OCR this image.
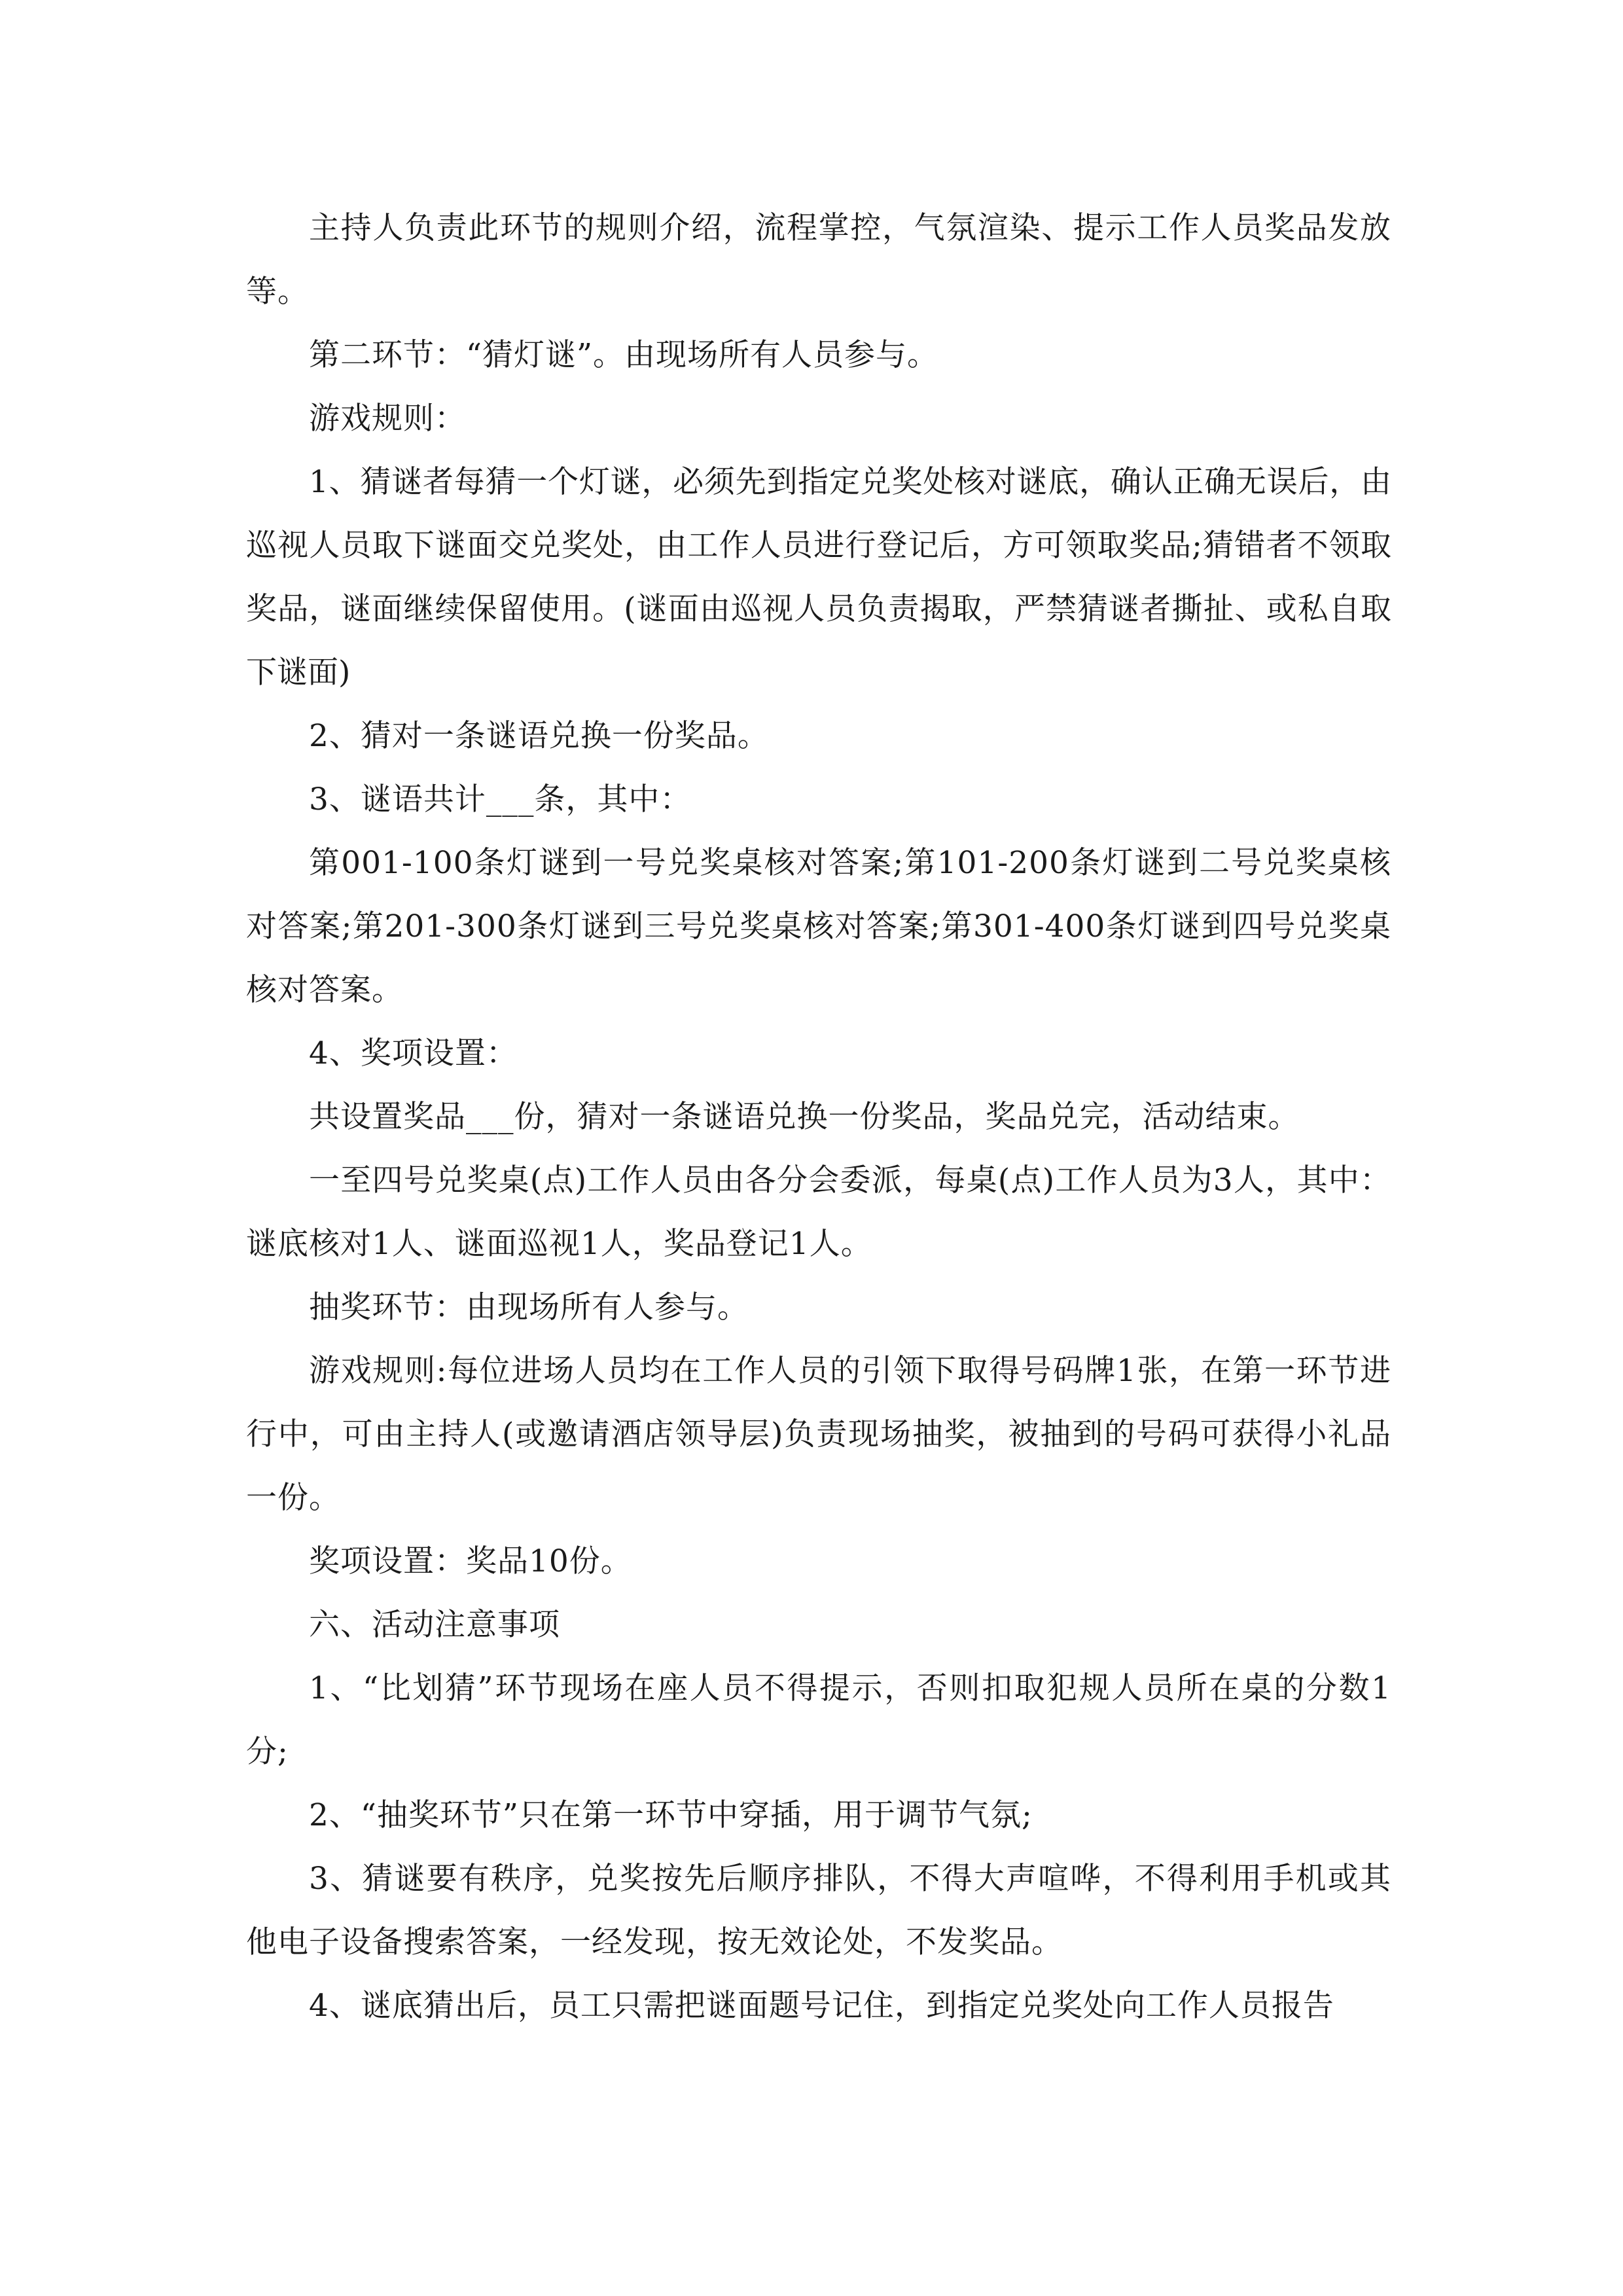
主持人负责此环节的规则介绍，流程掌控，气氛渲染、提示工作人员奖品发放等。

第二环节：“猜灯谜”。由现场所有人员参与。

游戏规则：

1、猜谜者每猜一个灯谜，必须先到指定兑奖处核对谜底，确认正确无误后，由巡视人员取下谜面交兑奖处，由工作人员进行登记后，方可领取奖品;猜错者不领取奖品，谜面继续保留使用。(谜面由巡视人员负责揭取，严禁猜谜者撕扯、或私自取下谜面)

2、猜对一条谜语兑换一份奖品。

3、谜语共计___条，其中：

第001-100条灯谜到一号兑奖桌核对答案;第101-200条灯谜到二号兑奖桌核对答案;第201-300条灯谜到三号兑奖桌核对答案;第301-400条灯谜到四号兑奖桌核对答案。

4、奖项设置：

共设置奖品___份，猜对一条谜语兑换一份奖品，奖品兑完，活动结束。

一至四号兑奖桌(点)工作人员由各分会委派，每桌(点)工作人员为3人，其中：谜底核对1人、谜面巡视1人，奖品登记1人。

抽奖环节：由现场所有人参与。

游戏规则:每位进场人员均在工作人员的引领下取得号码牌1张，在第一环节进行中，可由主持人(或邀请酒店领导层)负责现场抽奖，被抽到的号码可获得小礼品一份。

奖项设置：奖品10份。

六、活动注意事项

1、“比划猜”环节现场在座人员不得提示，否则扣取犯规人员所在桌的分数1分;

2、“抽奖环节”只在第一环节中穿插，用于调节气氛;

3、猜谜要有秩序，兑奖按先后顺序排队，不得大声喧哗，不得利用手机或其他电子设备搜索答案，一经发现，按无效论处，不发奖品。

4、谜底猜出后，员工只需把谜面题号记住，到指定兑奖处向工作人员报告
